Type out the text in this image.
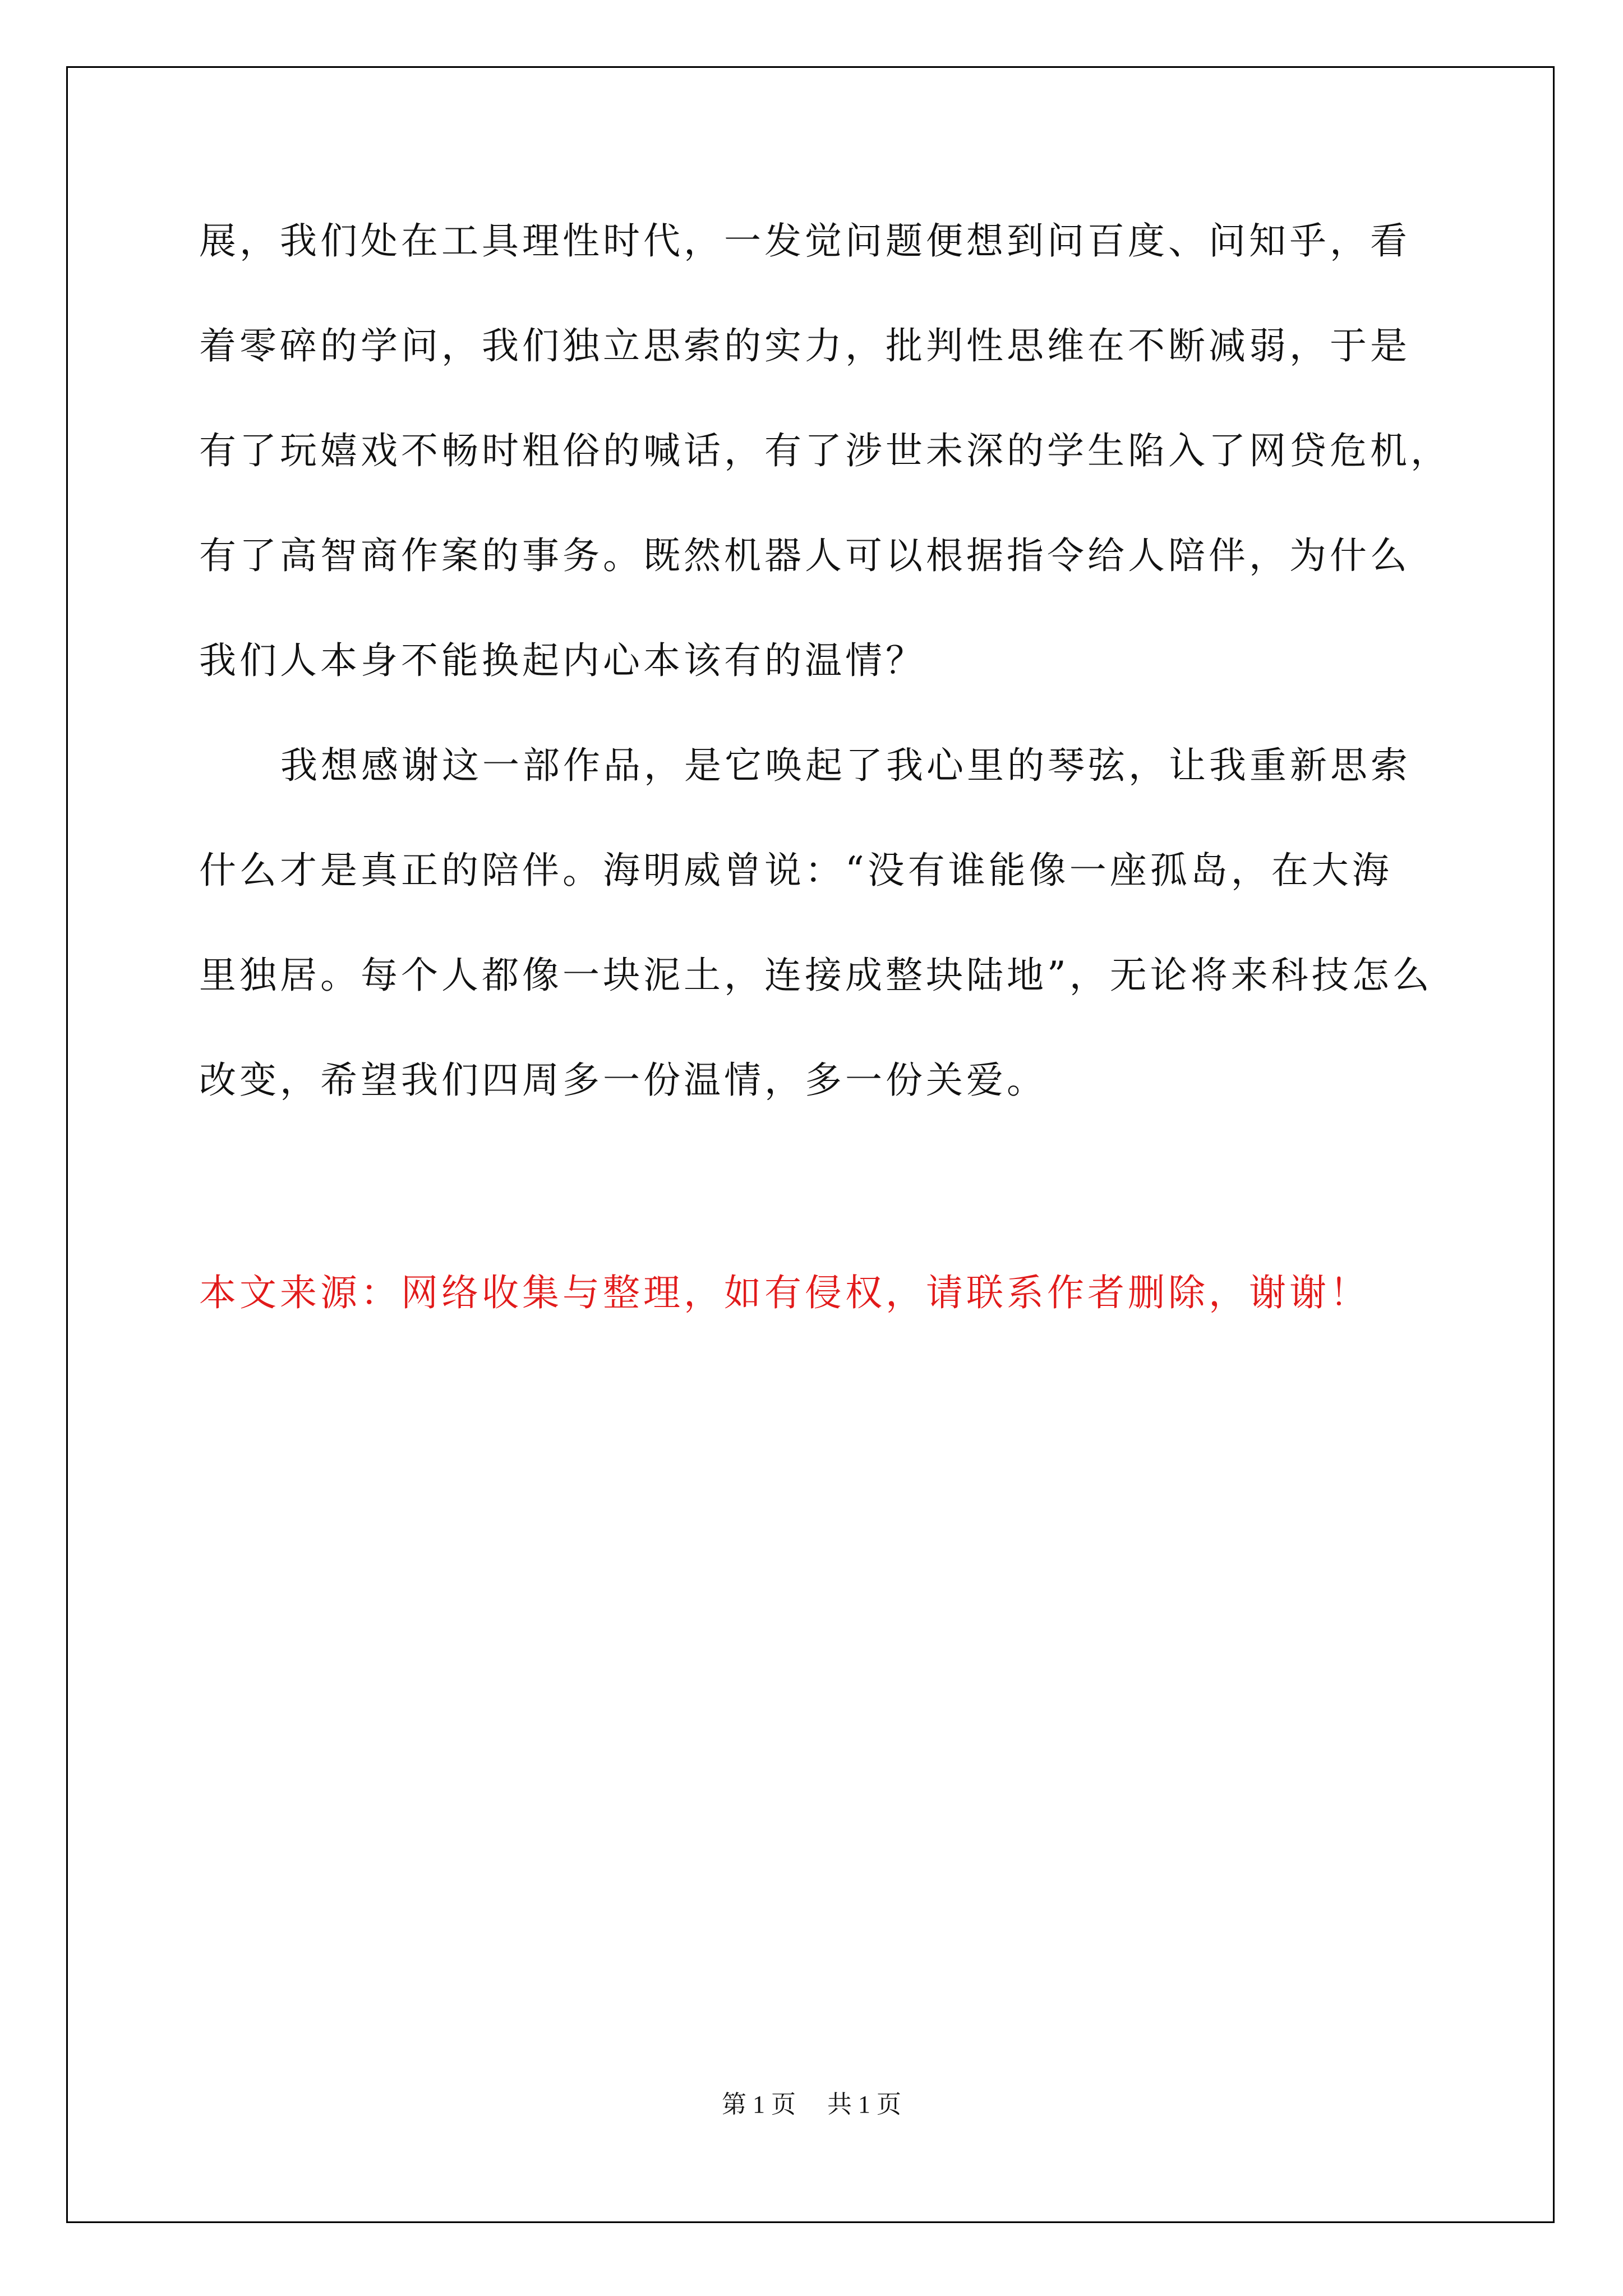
展，我们处在工具理性时代，一发觉问题便想到问百度、问知乎，看
着零碎的学问，我们独立思索的实力，批判性思维在不断减弱，于是
有了玩嬉戏不畅时粗俗的喊话，有了涉世未深的学生陷入了网贷危机，
有了高智商作案的事务。既然机器人可以根据指令给人陪伴，为什么
我们人本身不能换起内心本该有的温情？
我想感谢这一部作品，是它唤起了我心里的琴弦，让我重新思索
什么才是真正的陪伴。海明威曾说：“没有谁能像一座孤岛，在大海
里独居。每个人都像一块泥土，连接成整块陆地”，无论将来科技怎么
改变，希望我们四周多一份温情，多一份关爱。
本文来源：网络收集与整理，如有侵权，请联系作者删除，谢谢！
第 1 页 共 1 页
